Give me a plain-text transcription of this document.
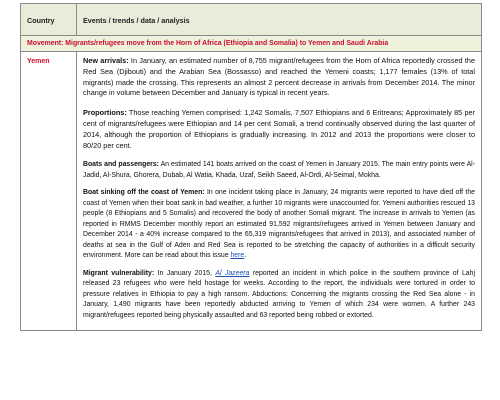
Country	Events / trends / data / analysis
Movement: Migrants/refugees move from the Horn of Africa (Ethiopia and Somalia) to Yemen and Saudi Arabia	
Yemen	New arrivals: In January, an estimated number of 8,755 migrant/refugees from the Horn of Africa reportedly crossed the Red Sea (Djibouti) and the Arabian Sea (Bossasso) and reached the Yemeni coasts; 1,177 females (13% of total migrants) made the crossing. This represents an almost 2 percent decrease in arrivals from December 2014. The minor change in volume between December and January is typical in recent years.

Proportions: Those reaching Yemen comprised: 1,242 Somalis, 7,507 Ethiopians and 6 Eritreans; Approximately 85 per cent of migrants/refugees were Ethiopian and 14 per cent Somali, a trend continually observed during the last quarter of 2014, although the proportion of Ethiopians is gradually increasing. In 2012 and 2013 the proportions were closer to 80/20 per cent.

Boats and passengers: An estimated 141 boats arrived on the coast of Yemen in January 2015. The main entry points were Al-Jadid, Al-Shura, Ghorera, Dubab, Al Watia, Khada, Uzaf, Seikh Saeed, Al-Ordi, Al-Seimal, Mokha.

Boat sinking off the coast of Yemen: In one incident taking place in January, 24 migrants were reported to have died off the coast of Yemen when their boat sank in bad weather, a further 10 migrants were unaccounted for. Yemeni authorities rescued 13 people (8 Ethiopians and 5 Somalis) and recovered the body of another Somali migrant. The increase in arrivals to Yemen (as reported in RMMS December monthly report an estimated 91,592 migrants/refugees arrived in Yemen between January and December 2014 - a 40% increase compared to the 65,319 migrants/refugees that arrived in 2013), and associated number of deaths at sea in the Gulf of Aden and Red Sea is reported to be stretching the capacity of authorities in a difficult security environment. More can be read about this issue here.

Migrant vulnerability: In January 2015, Al Jazeera reported an incident in which police in the southern province of Lahj released 23 refugees who were held hostage for weeks. According to the report, the individuals were tortured in order to pressure relatives in Ethiopia to pay a high ransom. Abductions: Concerning the migrants crossing the Red Sea alone - in January, 1,490 migrants have been reportedly abducted arriving to Yemen of which 234 were women. A further 243 migrant/refugees reported being physically assaulted and 63 reported being robbed or extorted.
